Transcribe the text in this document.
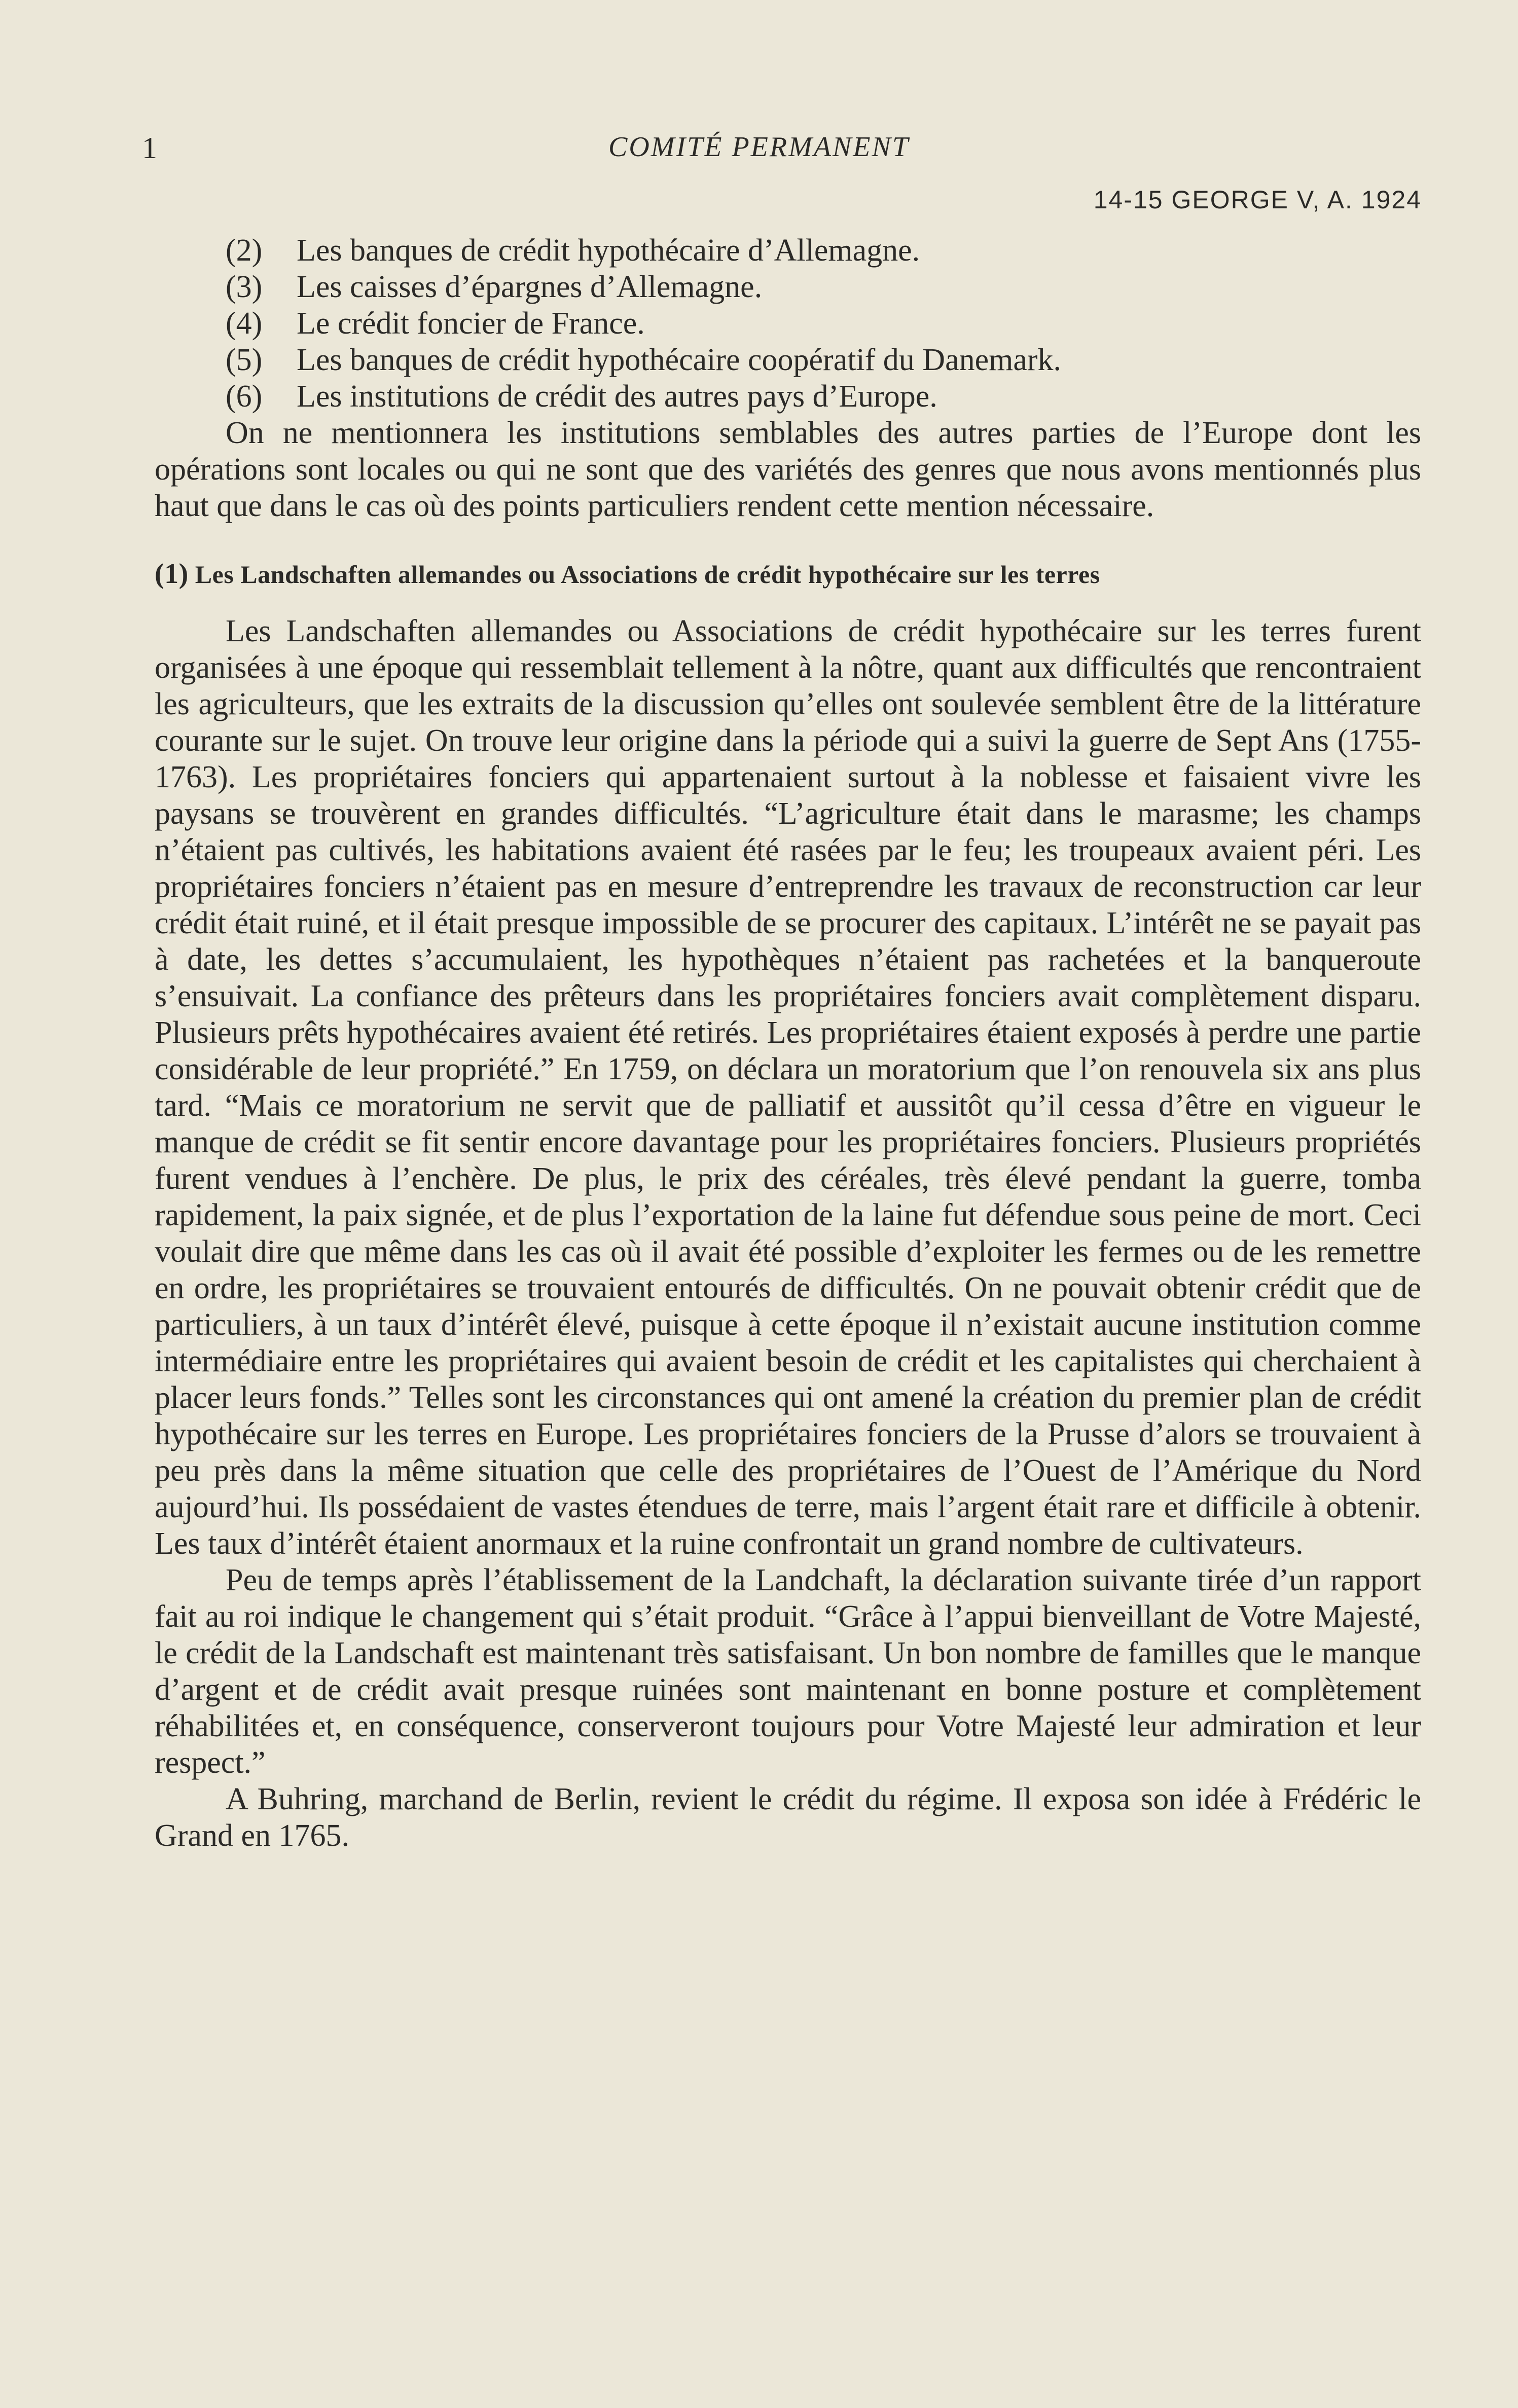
1	COMITÉ PERMANENT
14-15 GEORGE V, A. 1924
(2) Les banques de crédit hypothécaire d’Allemagne.
(3) Les caisses d’épargnes d’Allemagne.
(4) Le crédit foncier de France.
(5) Les banques de crédit hypothécaire coopératif du Danemark.
(6) Les institutions de crédit des autres pays d’Europe.

On ne mentionnera les institutions semblables des autres parties de l’Europe dont les opérations sont locales ou qui ne sont que des variétés des genres que nous avons mentionnés plus haut que dans le cas où des points particuliers rendent cette mention nécessaire.

(1) Les Landschaften allemandes ou Associations de crédit hypothécaire sur les terres

Les Landschaften allemandes ou Associations de crédit hypothécaire sur les terres furent organisées à une époque qui ressemblait tellement à la nôtre, quant aux difficultés que rencontraient les agriculteurs, que les extraits de la discussion qu’elles ont soulevée semblent être de la littérature courante sur le sujet. On trouve leur origine dans la période qui a suivi la guerre de Sept Ans (1755-1763). Les propriétaires fonciers qui appartenaient surtout à la noblesse et faisaient vivre les paysans se trouvèrent en grandes difficultés. “L’agriculture était dans le marasme; les champs n’étaient pas cultivés, les habitations avaient été rasées par le feu; les troupeaux avaient péri. Les propriétaires fonciers n’étaient pas en mesure d’entreprendre les travaux de reconstruction car leur crédit était ruiné, et il était presque impossible de se procurer des capitaux. L’intérêt ne se payait pas à date, les dettes s’accumulaient, les hypothèques n’étaient pas rachetées et la banqueroute s’ensuivait. La confiance des prêteurs dans les propriétaires fonciers avait complètement disparu. Plusieurs prêts hypothécaires avaient été retirés. Les propriétaires étaient exposés à perdre une partie considérable de leur propriété.” En 1759, on déclara un moratorium que l’on renouvela six ans plus tard. “Mais ce moratorium ne servit que de palliatif et aussitôt qu’il cessa d’être en vigueur le manque de crédit se fit sentir encore davantage pour les propriétaires fonciers. Plusieurs propriétés furent vendues à l’enchère. De plus, le prix des céréales, très élevé pendant la guerre, tomba rapidement, la paix signée, et de plus l’exportation de la laine fut défendue sous peine de mort. Ceci voulait dire que même dans les cas où il avait été possible d’exploiter les fermes ou de les remettre en ordre, les propriétaires se trouvaient entourés de difficultés. On ne pouvait obtenir crédit que de particuliers, à un taux d’intérêt élevé, puisque à cette époque il n’existait aucune institution comme intermédiaire entre les propriétaires qui avaient besoin de crédit et les capitalistes qui cherchaient à placer leurs fonds.” Telles sont les circonstances qui ont amené la création du premier plan de crédit hypothécaire sur les terres en Europe. Les propriétaires fonciers de la Prusse d’alors se trouvaient à peu près dans la même situation que celle des propriétaires de l’Ouest de l’Amérique du Nord aujourd’hui. Ils possédaient de vastes étendues de terre, mais l’argent était rare et difficile à obtenir. Les taux d’intérêt étaient anormaux et la ruine confrontait un grand nombre de cultivateurs.

Peu de temps après l’établissement de la Landchaft, la déclaration suivante tirée d’un rapport fait au roi indique le changement qui s’était produit. “Grâce à l’appui bienveillant de Votre Majesté, le crédit de la Landschaft est maintenant très satisfaisant. Un bon nombre de familles que le manque d’argent et de crédit avait presque ruinées sont maintenant en bonne posture et complètement réhabilitées et, en conséquence, conserveront toujours pour Votre Majesté leur admiration et leur respect.”

A Buhring, marchand de Berlin, revient le crédit du régime. Il exposa son idée à Frédéric le Grand en 1765.
